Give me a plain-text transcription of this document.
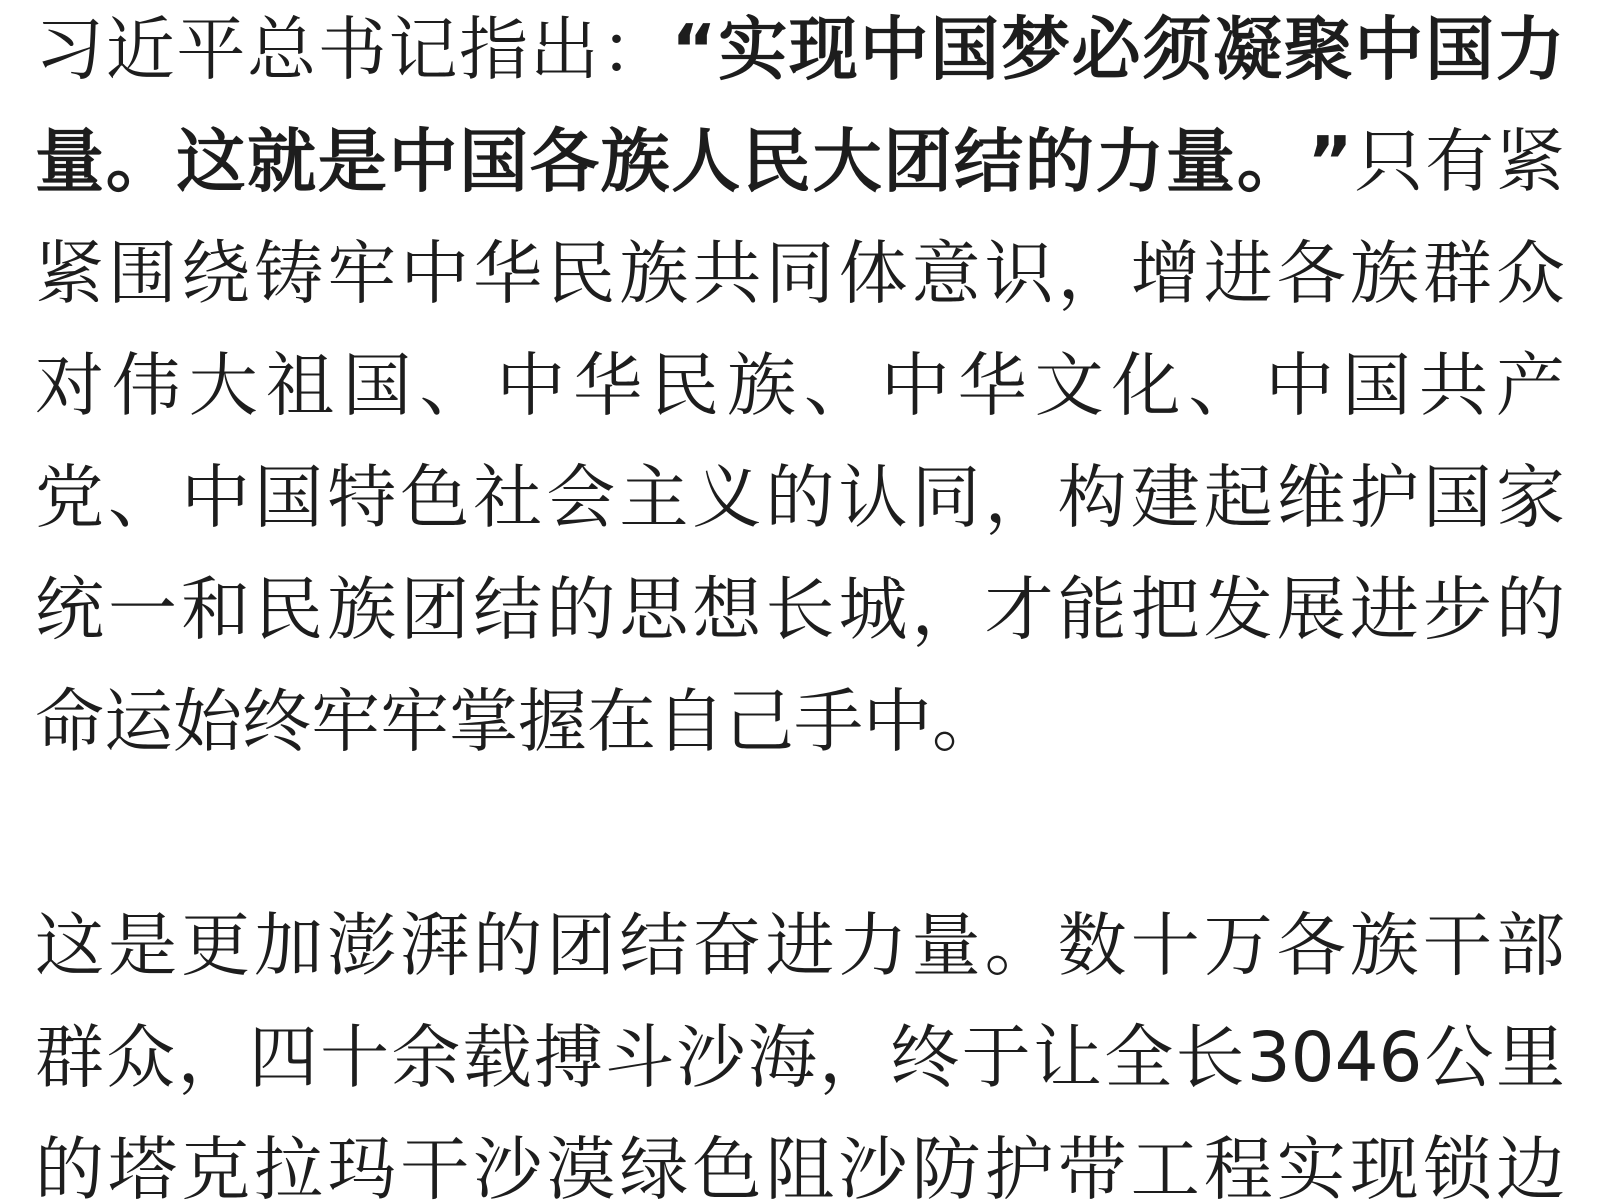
习 近 平 总 书 记 指 出 ： “ 实 现 中 国 梦 必 须 凝 聚 中 国 力
量 。 这 就 是 中 国 各 族 人 民 大 团 结 的 力 量 。 ” 只 有 紧
紧 围 绕 铸 牢 中 华 民 族 共 同 体 意 识 ， 增 进 各 族 群 众
对 伟 大 祖 国 、 中 华 民 族 、 中 华 文 化 、 中 国 共 产
党 、 中 国 特 色 社 会 主 义 的 认 同 ， 构 建 起 维 护 国 家
统 一 和 民 族 团 结 的 思 想 长 城 ， 才 能 把 发 展 进 步 的
命 运 始 终 牢 牢 掌 握 在 自 己 手 中 。
这 是 更 加 澎 湃 的 团 结 奋 进 力 量 。 数 十 万 各 族 干 部
群 众 ， 四 十 余 载 搏 斗 沙 海 ， 终 于 让 全 长 3046 公 里
的 塔 克 拉 玛 干 沙 漠 绿 色 阻 沙 防 护 带 工 程 实 现 锁 边
